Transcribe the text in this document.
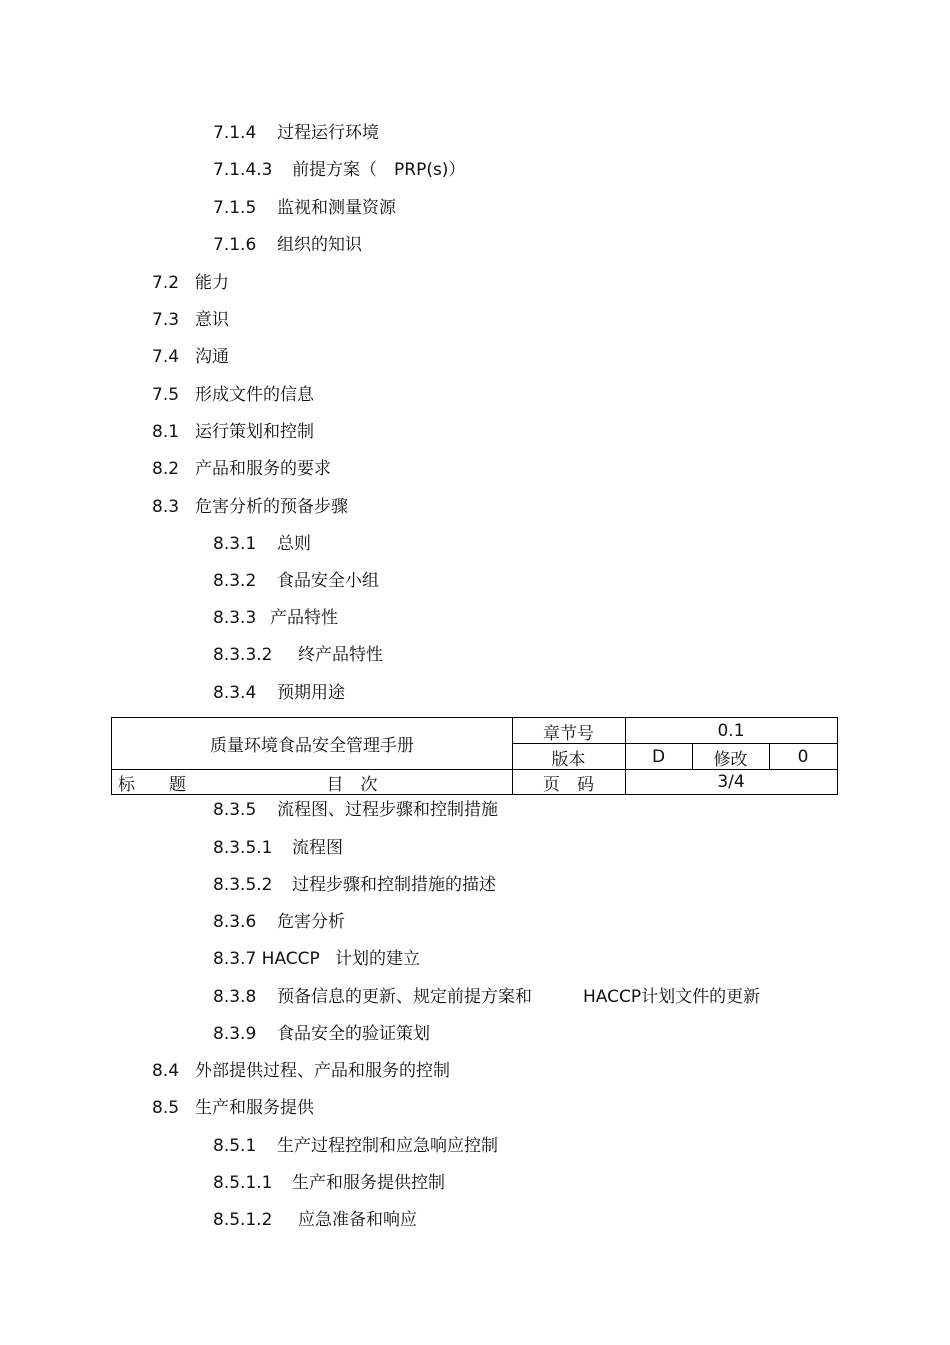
7.1.4 过程运行环境
7.1.4.3 前提方案（　PRP(s)）
7.1.5 监视和测量资源
7.1.6 组织的知识
7.2 能力
7.3 意识
7.4 沟通
7.5 形成文件的信息
8.1 运行策划和控制
8.2 产品和服务的要求
8.3 危害分析的预备步骤
8.3.1 总则
8.3.2 食品安全小组
8.3.3 产品特性
8.3.3.2 终产品特性
8.3.4 预期用途
质量环境食品安全管理手册
章节号	0.1
版本	D	修改	0
标　　题	目　次	页　码	3/4
8.3.5 流程图、过程步骤和控制措施
8.3.5.1 流程图
8.3.5.2 过程步骤和控制措施的描述
8.3.6 危害分析
8.3.7 HACCP 计划的建立
8.3.8 预备信息的更新、规定前提方案和　　　HACCP计划文件的更新
8.3.9 食品安全的验证策划
8.4 外部提供过程、产品和服务的控制
8.5 生产和服务提供
8.5.1 生产过程控制和应急响应控制
8.5.1.1 生产和服务提供控制
8.5.1.2 应急准备和响应
